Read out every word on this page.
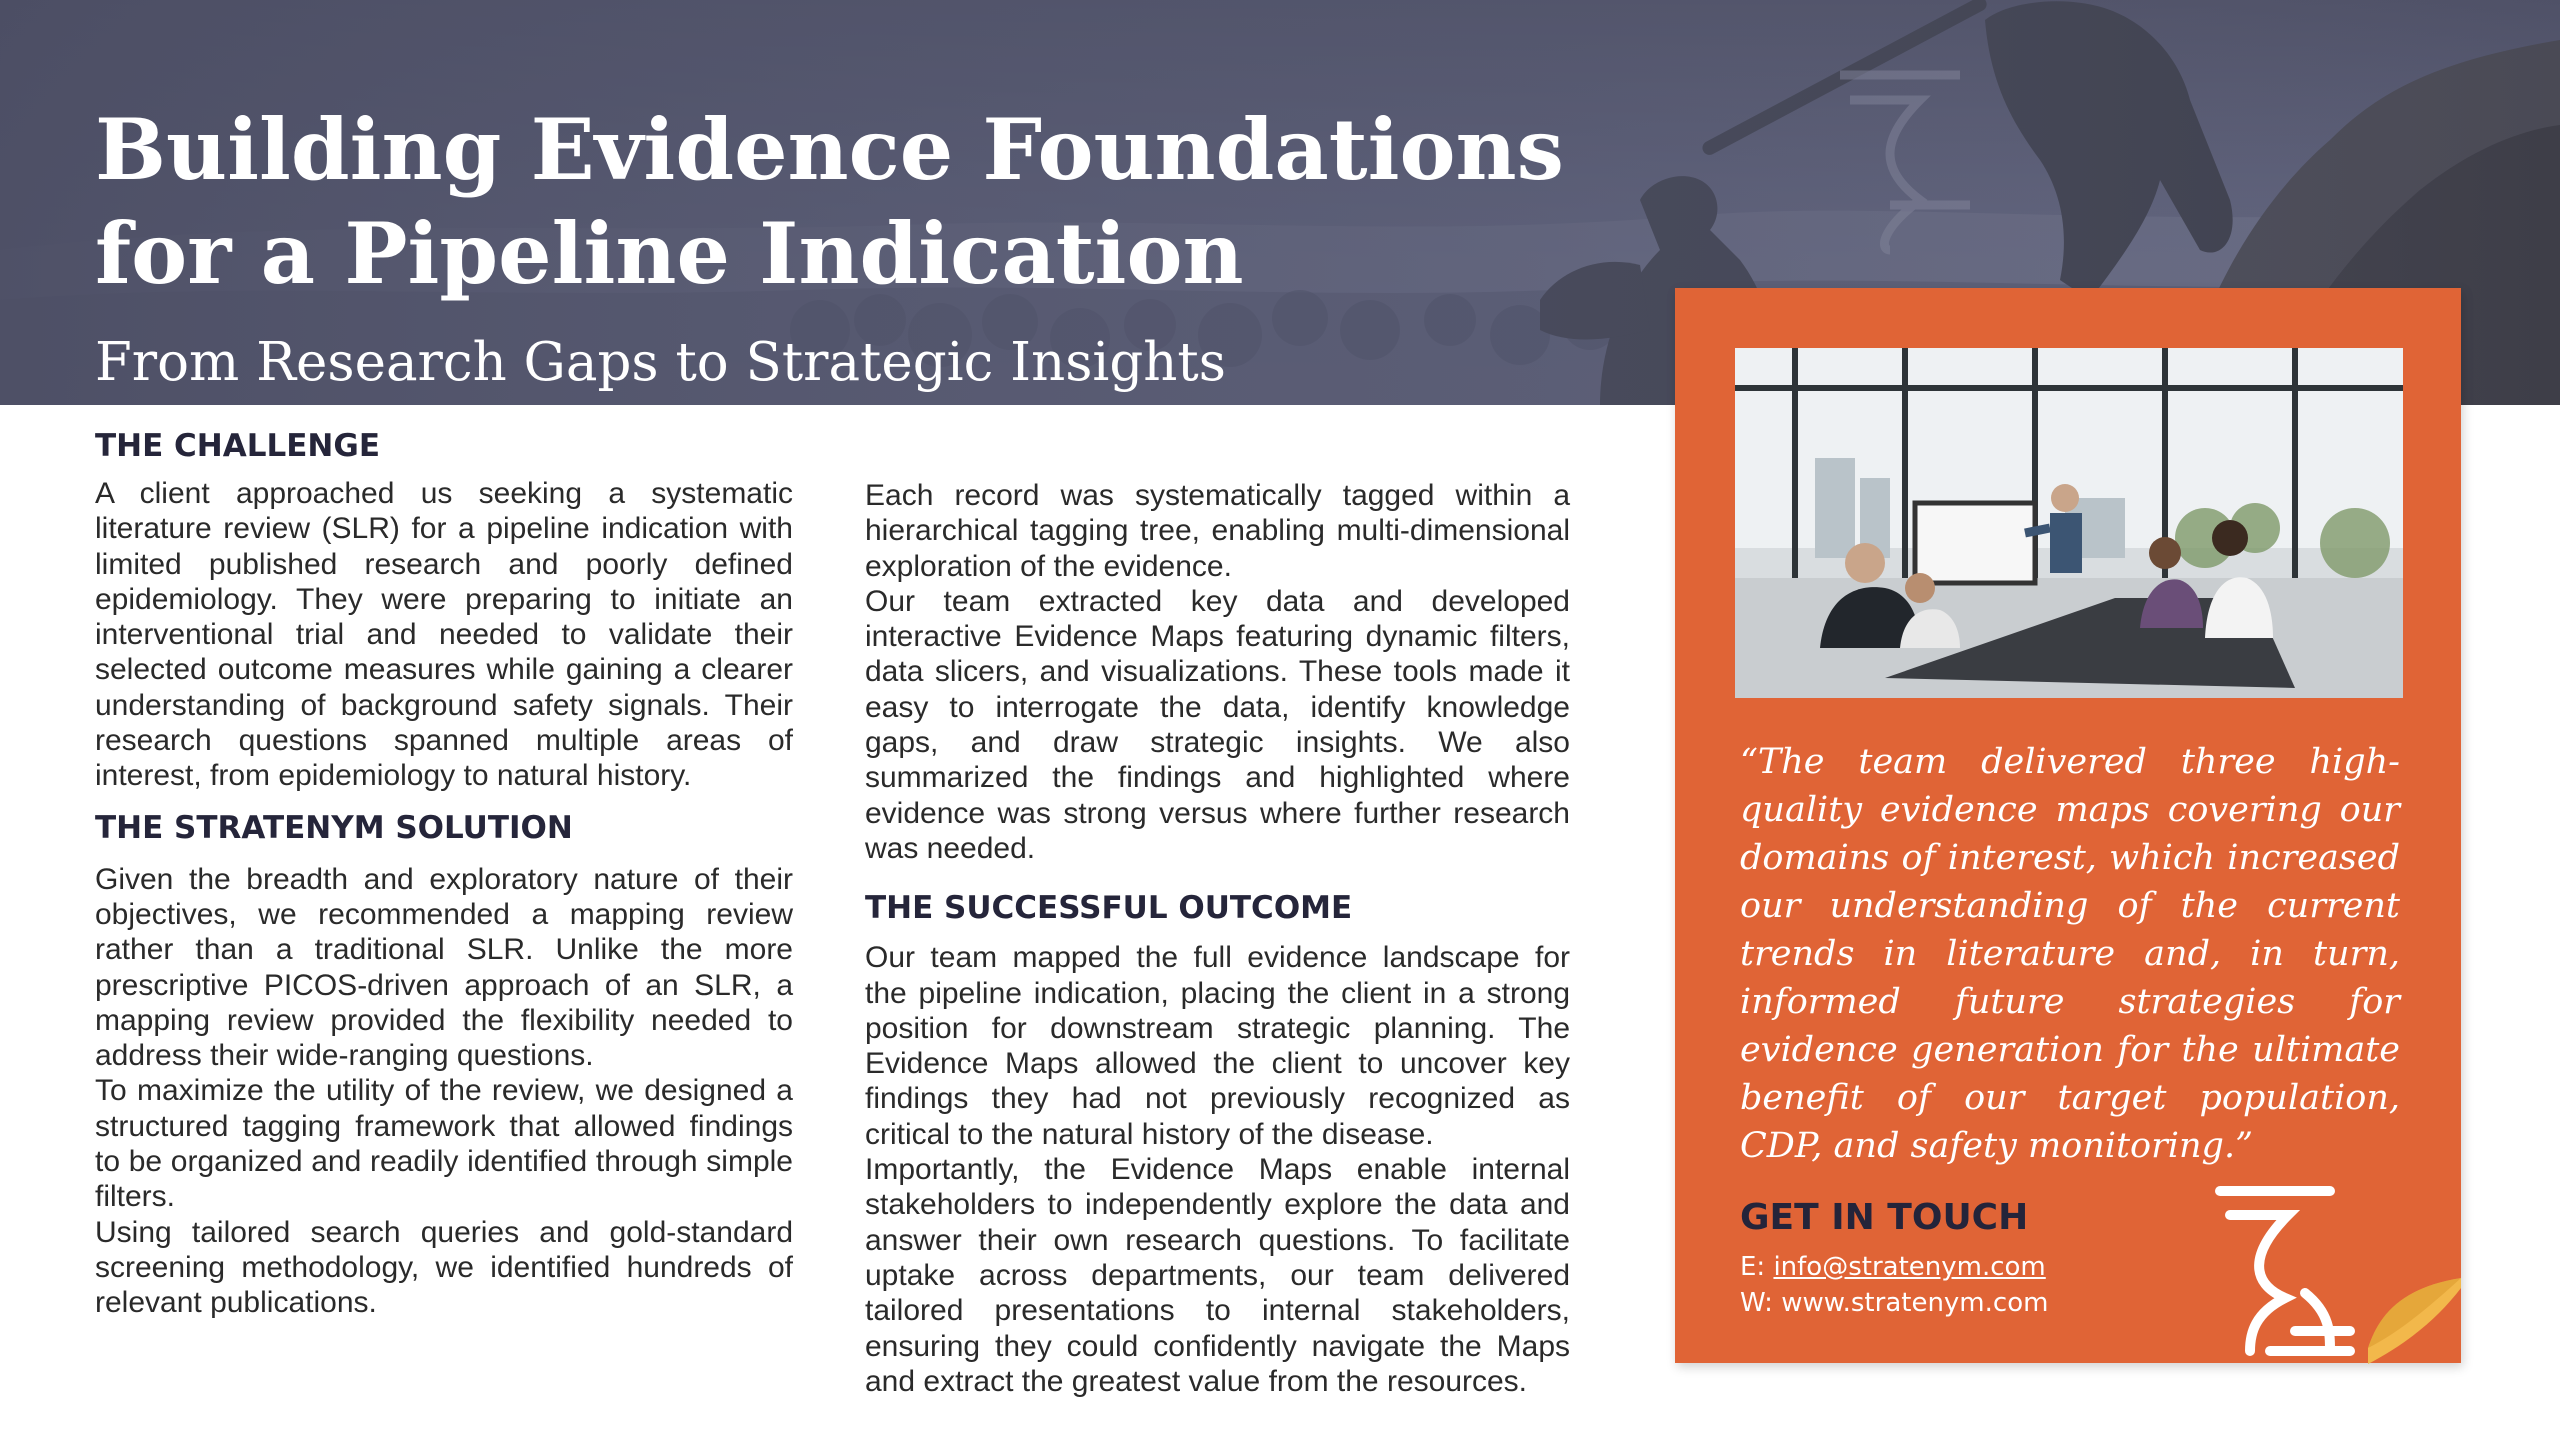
Building Evidence Foundations for a Pipeline Indication
From Research Gaps to Strategic Insights
THE CHALLENGE

A client approached us seeking a systematic literature review (SLR) for a pipeline indication with limited published research and poorly defined epidemiology. They were preparing to initiate an interventional trial and needed to validate their selected outcome measures while gaining a clearer understanding of background safety signals. Their research questions spanned multiple areas of interest, from epidemiology to natural history.

THE STRATENYM SOLUTION

Given the breadth and exploratory nature of their objectives, we recommended a mapping review rather than a traditional SLR. Unlike the more prescriptive PICOS-driven approach of an SLR, a mapping review provided the flexibility needed to address their wide-ranging questions.

To maximize the utility of the review, we designed a structured tagging framework that allowed findings to be organized and readily identified through simple filters.

Using tailored search queries and gold-standard screening methodology, we identified hundreds of relevant publications.

Each record was systematically tagged within a hierarchical tagging tree, enabling multi-dimensional exploration of the evidence.

Our team extracted key data and developed interactive Evidence Maps featuring dynamic filters, data slicers, and visualizations. These tools made it easy to interrogate the data, identify knowledge gaps, and draw strategic insights. We also summarized the findings and highlighted where evidence was strong versus where further research was needed.

THE SUCCESSFUL OUTCOME

Our team mapped the full evidence landscape for the pipeline indication, placing the client in a strong position for downstream strategic planning. The Evidence Maps allowed the client to uncover key findings they had not previously recognized as critical to the natural history of the disease.

Importantly, the Evidence Maps enable internal stakeholders to independently explore the data and answer their own research questions. To facilitate uptake across departments, our team delivered tailored presentations to internal stakeholders, ensuring they could confidently navigate the Maps and extract the greatest value from the resources.

“The team delivered three high-quality evidence maps covering our domains of interest, which increased our understanding of the current trends in literature and, in turn, informed future strategies for evidence generation for the ultimate benefit of our target population, CDP, and safety monitoring.”

GET IN TOUCH
E: info@stratenym.com
W: www.stratenym.com
